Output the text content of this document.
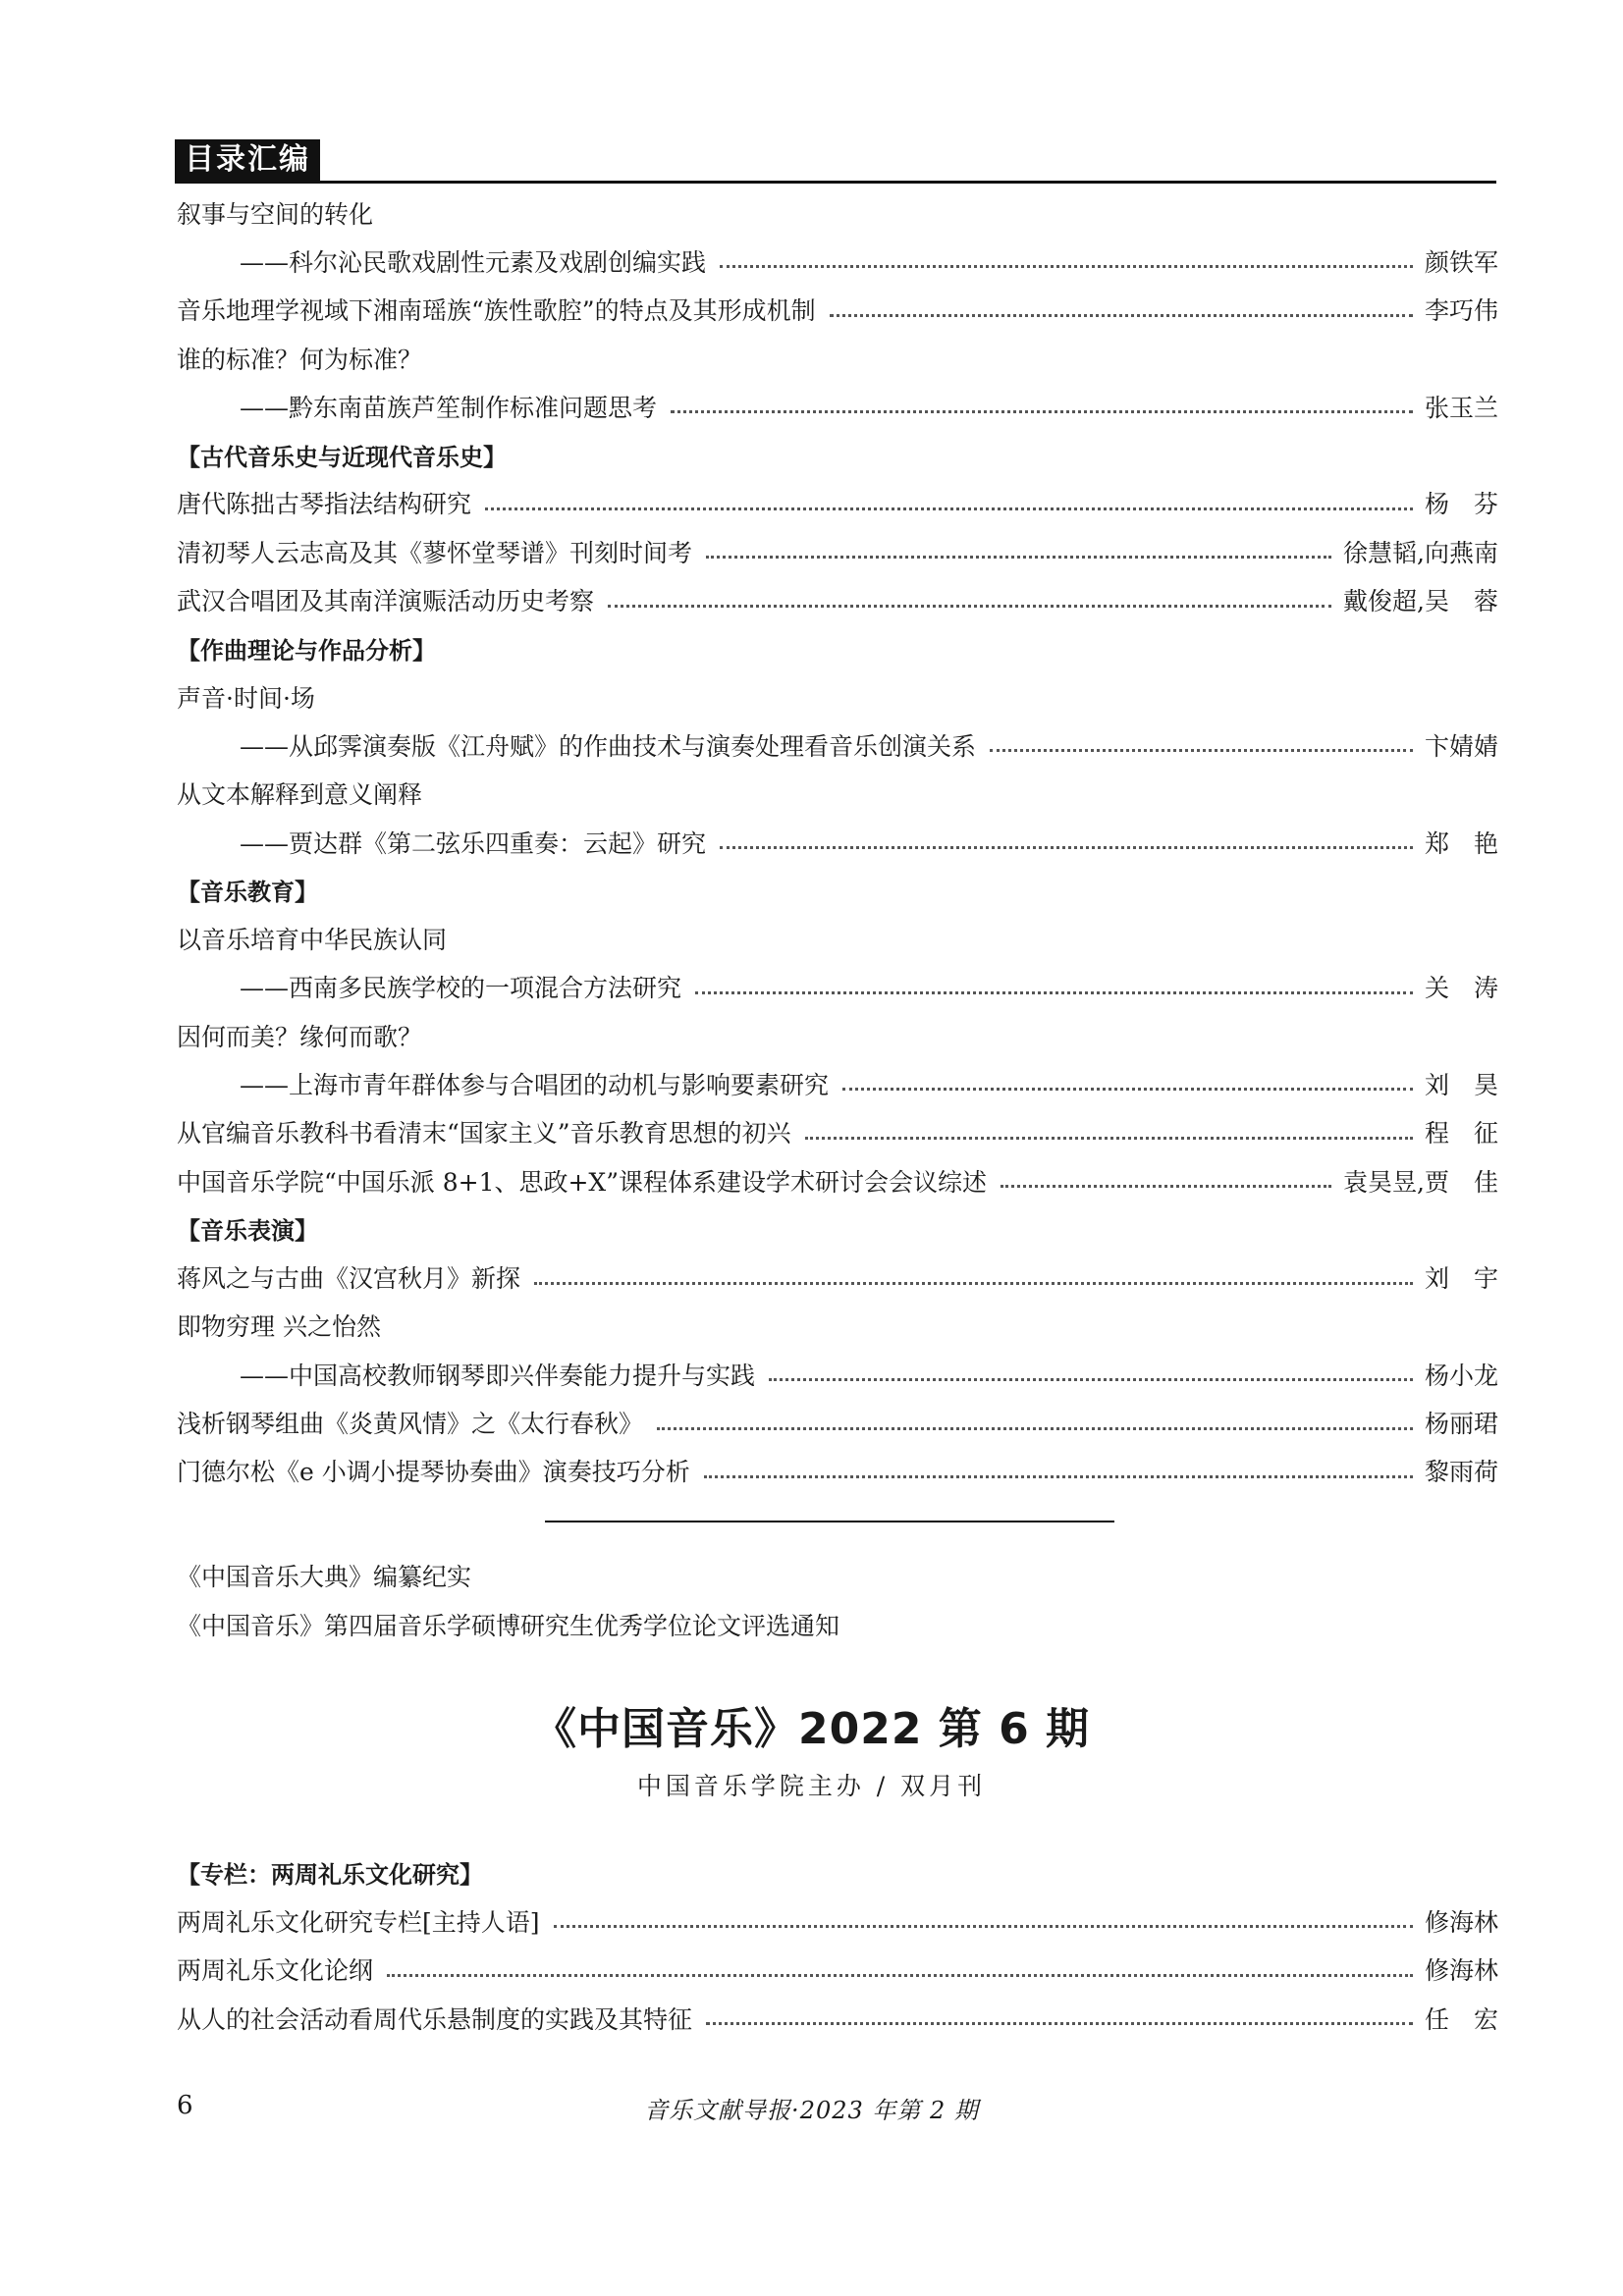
目录汇编
叙事与空间的转化
——科尔沁民歌戏剧性元素及戏剧创编实践	颜铁军
音乐地理学视域下湘南瑶族“族性歌腔”的特点及其形成机制	李巧伟
谁的标准？何为标准？
——黔东南苗族芦笙制作标准问题思考	张玉兰
【古代音乐史与近现代音乐史】
唐代陈拙古琴指法结构研究	杨　芬
清初琴人云志高及其《蓼怀堂琴谱》刊刻时间考	徐慧韬,向燕南
武汉合唱团及其南洋演赈活动历史考察	戴俊超,吴　蓉
【作曲理论与作品分析】
声音·时间·场
——从邱霁演奏版《江舟赋》的作曲技术与演奏处理看音乐创演关系	卞婧婧
从文本解释到意义阐释
——贾达群《第二弦乐四重奏：云起》研究	郑　艳
【音乐教育】
以音乐培育中华民族认同
——西南多民族学校的一项混合方法研究	关　涛
因何而美？缘何而歌？
——上海市青年群体参与合唱团的动机与影响要素研究	刘　昊
从官编音乐教科书看清末“国家主义”音乐教育思想的初兴	程　征
中国音乐学院“中国乐派 8+1、思政+X”课程体系建设学术研讨会会议综述	袁昊昱,贾　佳
【音乐表演】
蒋风之与古曲《汉宫秋月》新探	刘　宇
即物穷理 兴之怡然
——中国高校教师钢琴即兴伴奏能力提升与实践	杨小龙
浅析钢琴组曲《炎黄风情》之《太行春秋》	杨丽珺
门德尔松《e 小调小提琴协奏曲》演奏技巧分析	黎雨荷
《中国音乐大典》编纂纪实
《中国音乐》第四届音乐学硕博研究生优秀学位论文评选通知
《中国音乐》2022 第 6 期
中国音乐学院主办 / 双月刊
【专栏：两周礼乐文化研究】
两周礼乐文化研究专栏[主持人语]	修海林
两周礼乐文化论纲	修海林
从人的社会活动看周代乐悬制度的实践及其特征	任　宏
6	音乐文献导报·2023 年第 2 期
